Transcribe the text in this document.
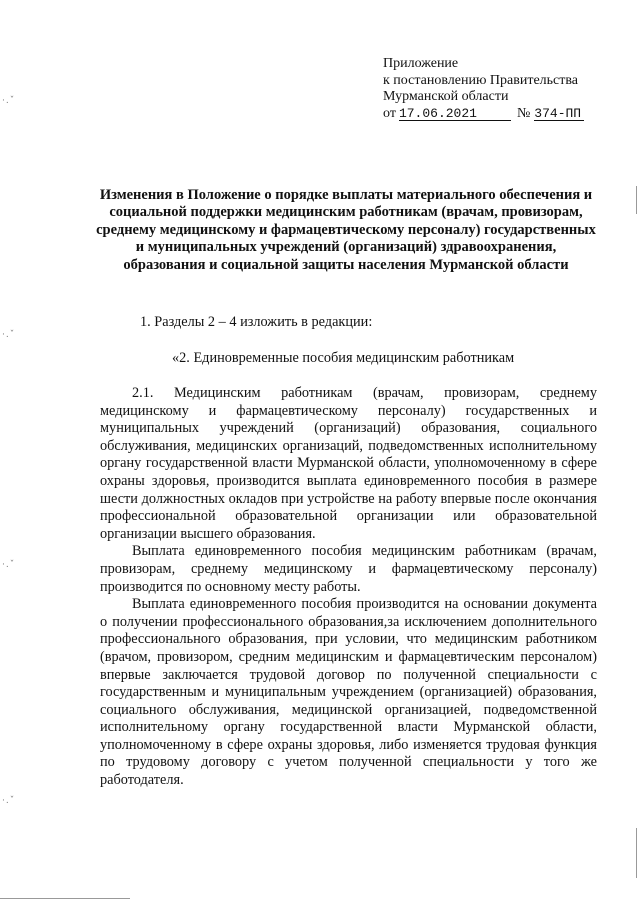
Приложение
к постановлению Правительства
Мурманской области
от 17.06.2021	№ 374-ПП
Изменения в Положение о порядке выплаты материального обеспечения и социальной поддержки медицинским работникам (врачам, провизорам, среднему медицинскому и фармацевтическому персоналу) государственных и муниципальных учреждений (организаций) здравоохранения, образования и социальной защиты населения Мурманской области
1. Разделы 2 – 4 изложить в редакции:
«2. Единовременные пособия медицинским работникам

2.1. Медицинским работникам (врачам, провизорам, среднему медицинскому и фармацевтическому персоналу) государственных и муниципальных учреждений (организаций) образования, социального обслуживания, медицинских организаций, подведомственных исполнительному органу государственной власти Мурманской области, уполномоченному в сфере охраны здоровья, производится выплата единовременного пособия в размере шести должностных окладов при устройстве на работу впервые после окончания профессиональной образовательной организации или образовательной организации высшего образования.

Выплата единовременного пособия медицинским работникам (врачам, провизорам, среднему медицинскому и фармацевтическому персоналу) производится по основному месту работы.

Выплата единовременного пособия производится на основании документа о получении профессионального образования,за исключением дополнительного профессионального образования, при условии, что медицинским работником (врачом, провизором, средним медицинским и фармацевтическим персоналом) впервые заключается трудовой договор по полученной специальности с государственным и муниципальным учреждением (организацией) образования, социального обслуживания, медицинской организацией, подведомственной исполнительному органу государственной власти Мурманской области, уполномоченному в сфере охраны здоровья, либо изменяется трудовая функция по трудовому договору с учетом полученной специальности у того же работодателя.

·.ˇ
·.ˇ
·.ˇ
·.ˇ
